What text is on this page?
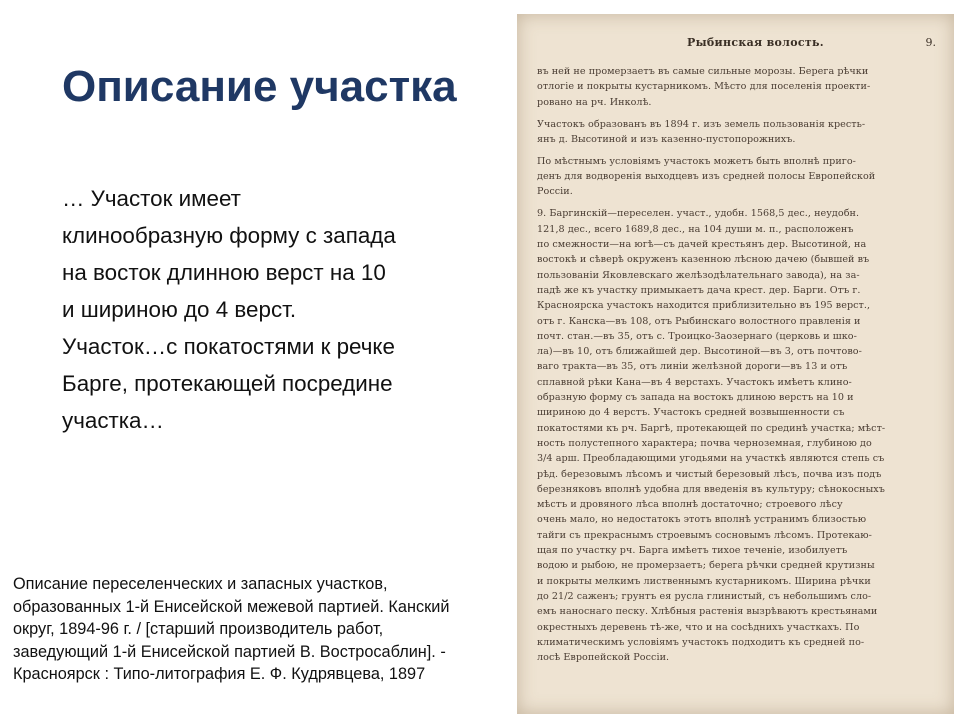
Рыбинская волость.	9.
въ ней не промерзаетъ въ самые сильные морозы. Берега рѣчки
отлогіе и покрыты кустарникомъ. Мѣсто для поселенія проекти-
ровано на рч. Инколѣ.
Участокъ образованъ въ 1894 г. изъ земель пользованія кресть-
янъ д. Высотиной и изъ казенно-пустопорожнихъ.
По мѣстнымъ условіямъ участокъ можетъ быть вполнѣ приго-
денъ для водворенія выходцевъ изъ средней полосы Европейской
Россіи.
9. Баргинскій—переселен. участ., удобн. 1568,5 дес., неудобн.
121,8 дес., всего 1689,8 дес., на 104 души м. п., расположенъ
по смежности—на югѣ—съ дачей крестьянъ дер. Высотиной, на
востокѣ и сѣверѣ окруженъ казенною лѣсною дачею (бывшей въ
пользованіи Яковлевскаго желѣзодѣлательнаго завода), на за-
падѣ же къ участку примыкаетъ дача крест. дер. Барги. Отъ г.
Красноярска участокъ находится приблизительно въ 195 верст.,
отъ г. Канска—въ 108, отъ Рыбинскаго волостного правленія и
почт. стан.—въ 35, отъ с. Троицко-Заозернаго (церковь и шко-
ла)—въ 10, отъ ближайшей дер. Высотиной—въ 3, отъ почтово-
ваго тракта—въ 35, отъ линіи желѣзной дороги—въ 13 и отъ
сплавной рѣки Кана—въ 4 верстахъ. Участокъ имѣетъ клино-
образную форму съ запада на востокъ длиною верстъ на 10 и
шириною до 4 верстъ. Участокъ средней возвышенности съ
покатостями къ рч. Баргѣ, протекающей по срединѣ участка; мѣст-
ность полустепного характера; почва черноземная, глубиною до
3/4 арш. Преобладающими угодьями на участкѣ являются степь съ
рѣд. березовымъ лѣсомъ и чистый березовый лѣсъ, почва изъ подъ
березняковъ вполнѣ удобна для введенія въ культуру; сѣнокосныхъ
мѣстъ и дровяного лѣса вполнѣ достаточно; строевого лѣсу
очень мало, но недостатокъ этотъ вполнѣ устранимъ близостью
тайги съ прекраснымъ строевымъ сосновымъ лѣсомъ. Протекаю-
щая по участку рч. Барга имѣетъ тихое теченіе, изобилуетъ
водою и рыбою, не промерзаетъ; берега рѣчки средней крутизны
и покрыты мелкимъ лиственнымъ кустарникомъ. Ширина рѣчки
до 21/2 саженъ; грунтъ ея русла глинистый, съ небольшимъ сло-
емъ наноснаго песку. Хлѣбныя растенія вызрѣваютъ крестьянами
окрестныхъ деревень тѣ-же, что и на сосѣднихъ участкахъ. По
климатическимъ условіямъ участокъ подходитъ къ средней по-
лосѣ Европейской Россіи.
Описание участка
… Участок имеет
клинообразную форму с запада
на восток длинною верст на 10
и шириною до 4 верст.
Участок…с покатостями к речке
Барге, протекающей посредине
участка…
Описание переселенческих и запасных участков,
образованных 1-й Енисейской межевой партией. Канский
округ, 1894-96 г. / [старший производитель работ,
заведующий 1-й Енисейской партией В. Востросаблин]. -
Красноярск : Типо-литография Е. Ф. Кудрявцева, 1897
